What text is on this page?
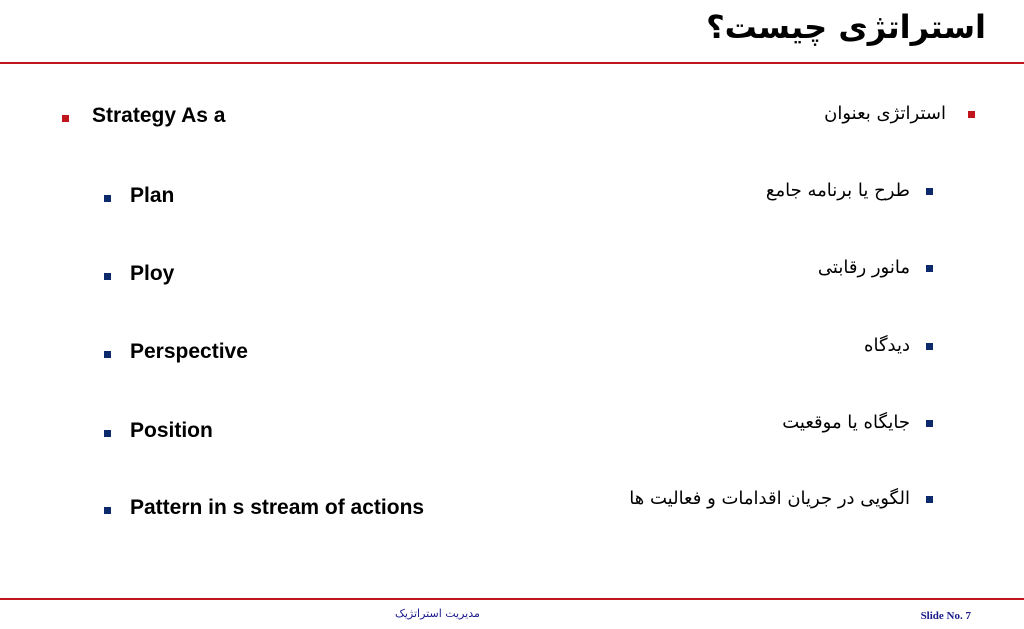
استراتژی چیست؟
Strategy As a
Plan
Ploy
Perspective
Position
Pattern in s stream of actions
استراتژی بعنوان
طرح یا برنامه جامع
مانور رقابتی
دیدگاه
جایگاه یا موقعیت
الگویی در جریان اقدامات و فعالیت ها
مدیریت استراتژیک	Slide No. 7
